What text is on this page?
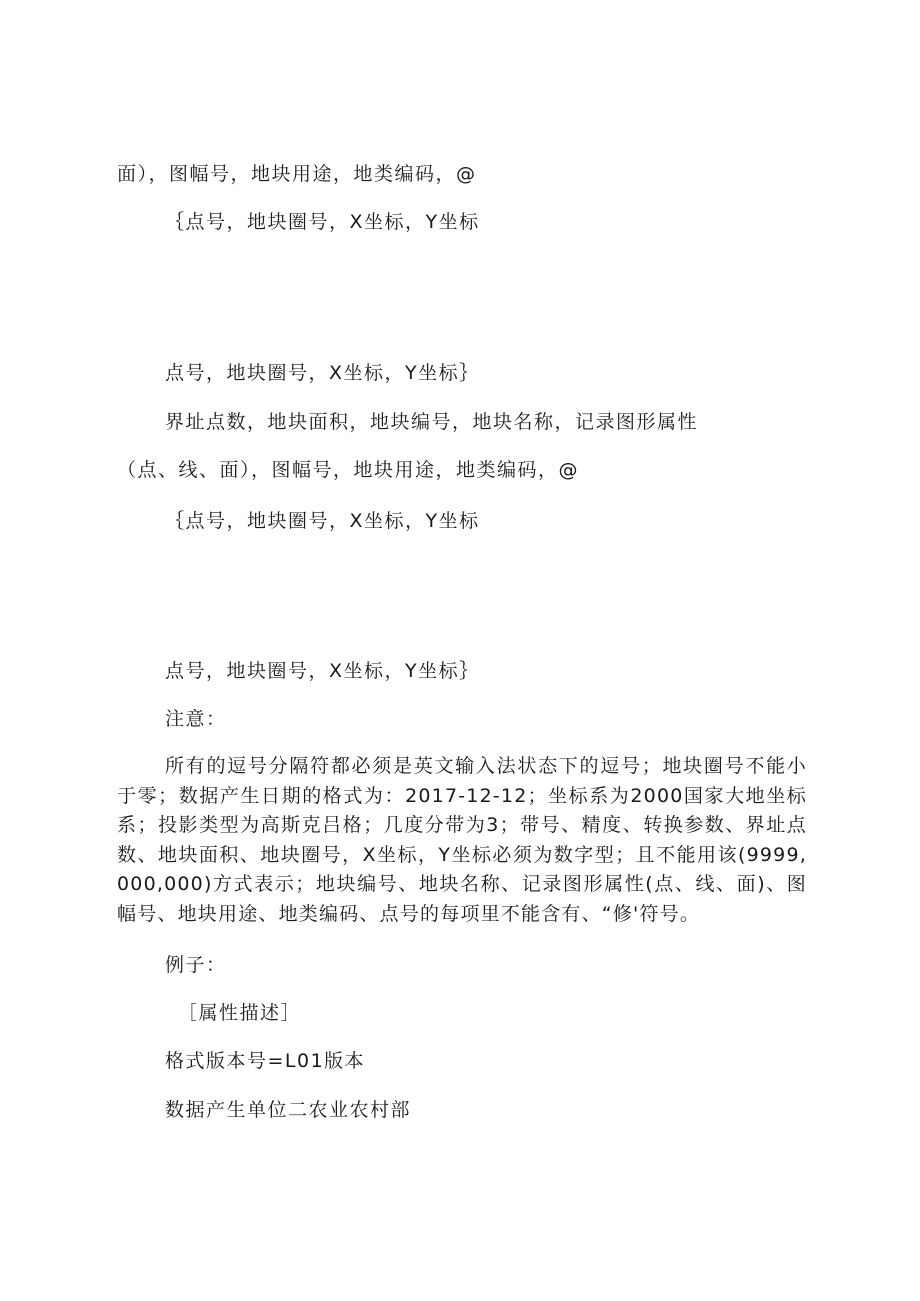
面），图幅号，地块用途，地类编码，@
｛点号，地块圈号，X坐标，Y坐标
点号，地块圈号，X坐标，Y坐标｝
界址点数，地块面积，地块编号，地块名称，记录图形属性
（点、线、面），图幅号，地块用途，地类编码，@
｛点号，地块圈号，X坐标，Y坐标
点号，地块圈号，X坐标，Y坐标｝
注意：
所有的逗号分隔符都必须是英文输入法状态下的逗号；地块圈号不能小于零；数据产生日期的格式为：2017-12-12；坐标系为2000国家大地坐标系；投影类型为高斯克吕格；几度分带为3；带号、精度、转换参数、界址点数、地块面积、地块圈号，X坐标，Y坐标必须为数字型；且不能用该(9999,000,000)方式表示；地块编号、地块名称、记录图形属性(点、线、面)、图幅号、地块用途、地类编码、点号的每项里不能含有、“修'符号。
例子：
［属性描述］
格式版本号=L01版本
数据产生单位二农业农村部
